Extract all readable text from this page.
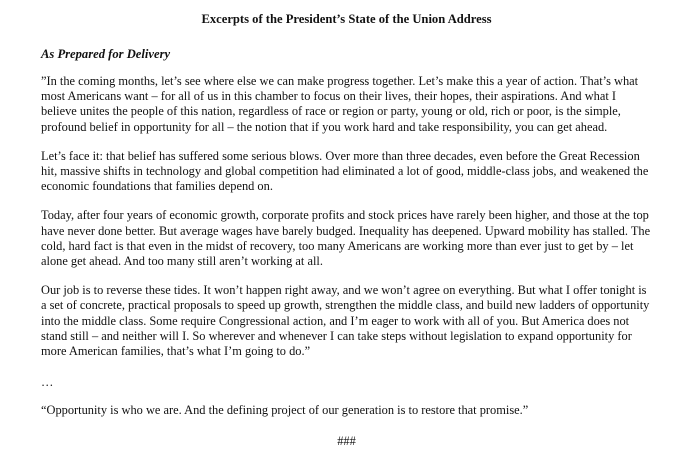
Excerpts of the President’s State of the Union Address
As Prepared for Delivery

”In the coming months, let’s see where else we can make progress together. Let’s make this a year of action. That’s what most Americans want – for all of us in this chamber to focus on their lives, their hopes, their aspirations. And what I believe unites the people of this nation, regardless of race or region or party, young or old, rich or poor, is the simple, profound belief in opportunity for all – the notion that if you work hard and take responsibility, you can get ahead.

Let’s face it: that belief has suffered some serious blows. Over more than three decades, even before the Great Recession hit, massive shifts in technology and global competition had eliminated a lot of good, middle-class jobs, and weakened the economic foundations that families depend on.

Today, after four years of economic growth, corporate profits and stock prices have rarely been higher, and those at the top have never done better. But average wages have barely budged. Inequality has deepened. Upward mobility has stalled. The cold, hard fact is that even in the midst of recovery, too many Americans are working more than ever just to get by – let alone get ahead. And too many still aren’t working at all.

Our job is to reverse these tides. It won’t happen right away, and we won’t agree on everything. But what I offer tonight is a set of concrete, practical proposals to speed up growth, strengthen the middle class, and build new ladders of opportunity into the middle class. Some require Congressional action, and I’m eager to work with all of you. But America does not stand still – and neither will I. So wherever and whenever I can take steps without legislation to expand opportunity for more American families, that’s what I’m going to do.”

…

“Opportunity is who we are. And the defining project of our generation is to restore that promise.”

###
